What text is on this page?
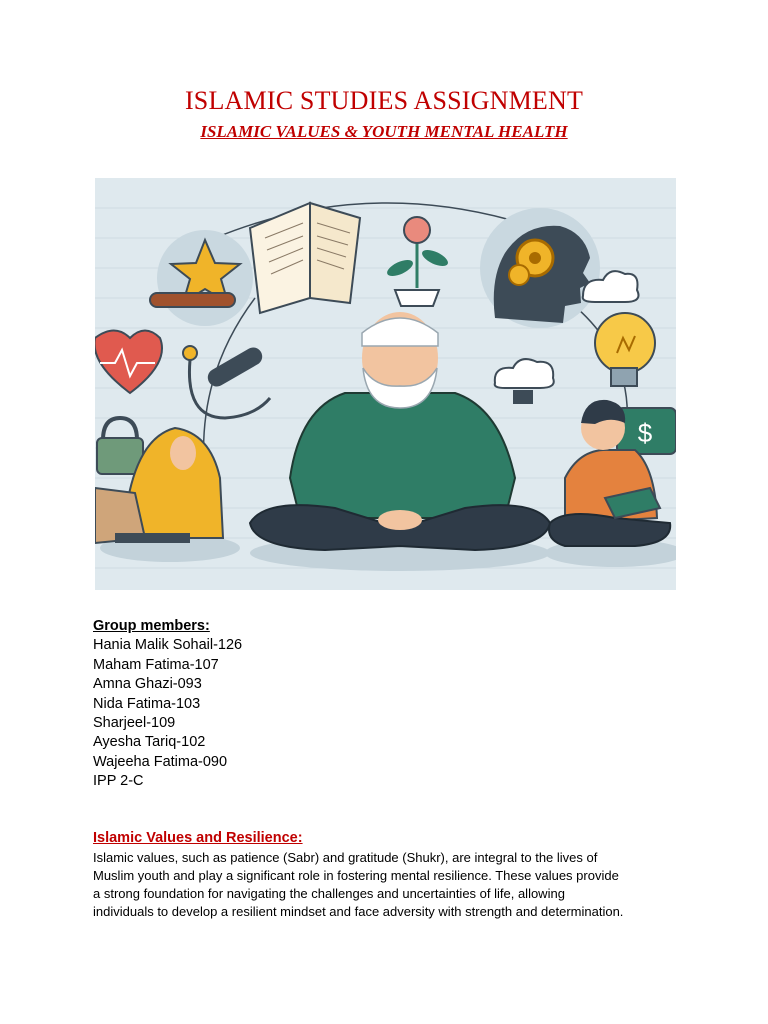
ISLAMIC STUDIES ASSIGNMENT
ISLAMIC VALUES & YOUTH MENTAL HEALTH
$
Group members:
Hania Malik Sohail-126
Maham Fatima-107
Amna Ghazi-093
Nida Fatima-103
Sharjeel-109
Ayesha Tariq-102
Wajeeha Fatima-090
IPP 2-C
Islamic Values and Resilience:
Islamic values, such as patience (Sabr) and gratitude (Shukr), are integral to the lives of
Muslim youth and play a significant role in fostering mental resilience. These values provide
a strong foundation for navigating the challenges and uncertainties of life, allowing
individuals to develop a resilient mindset and face adversity with strength and determination.
